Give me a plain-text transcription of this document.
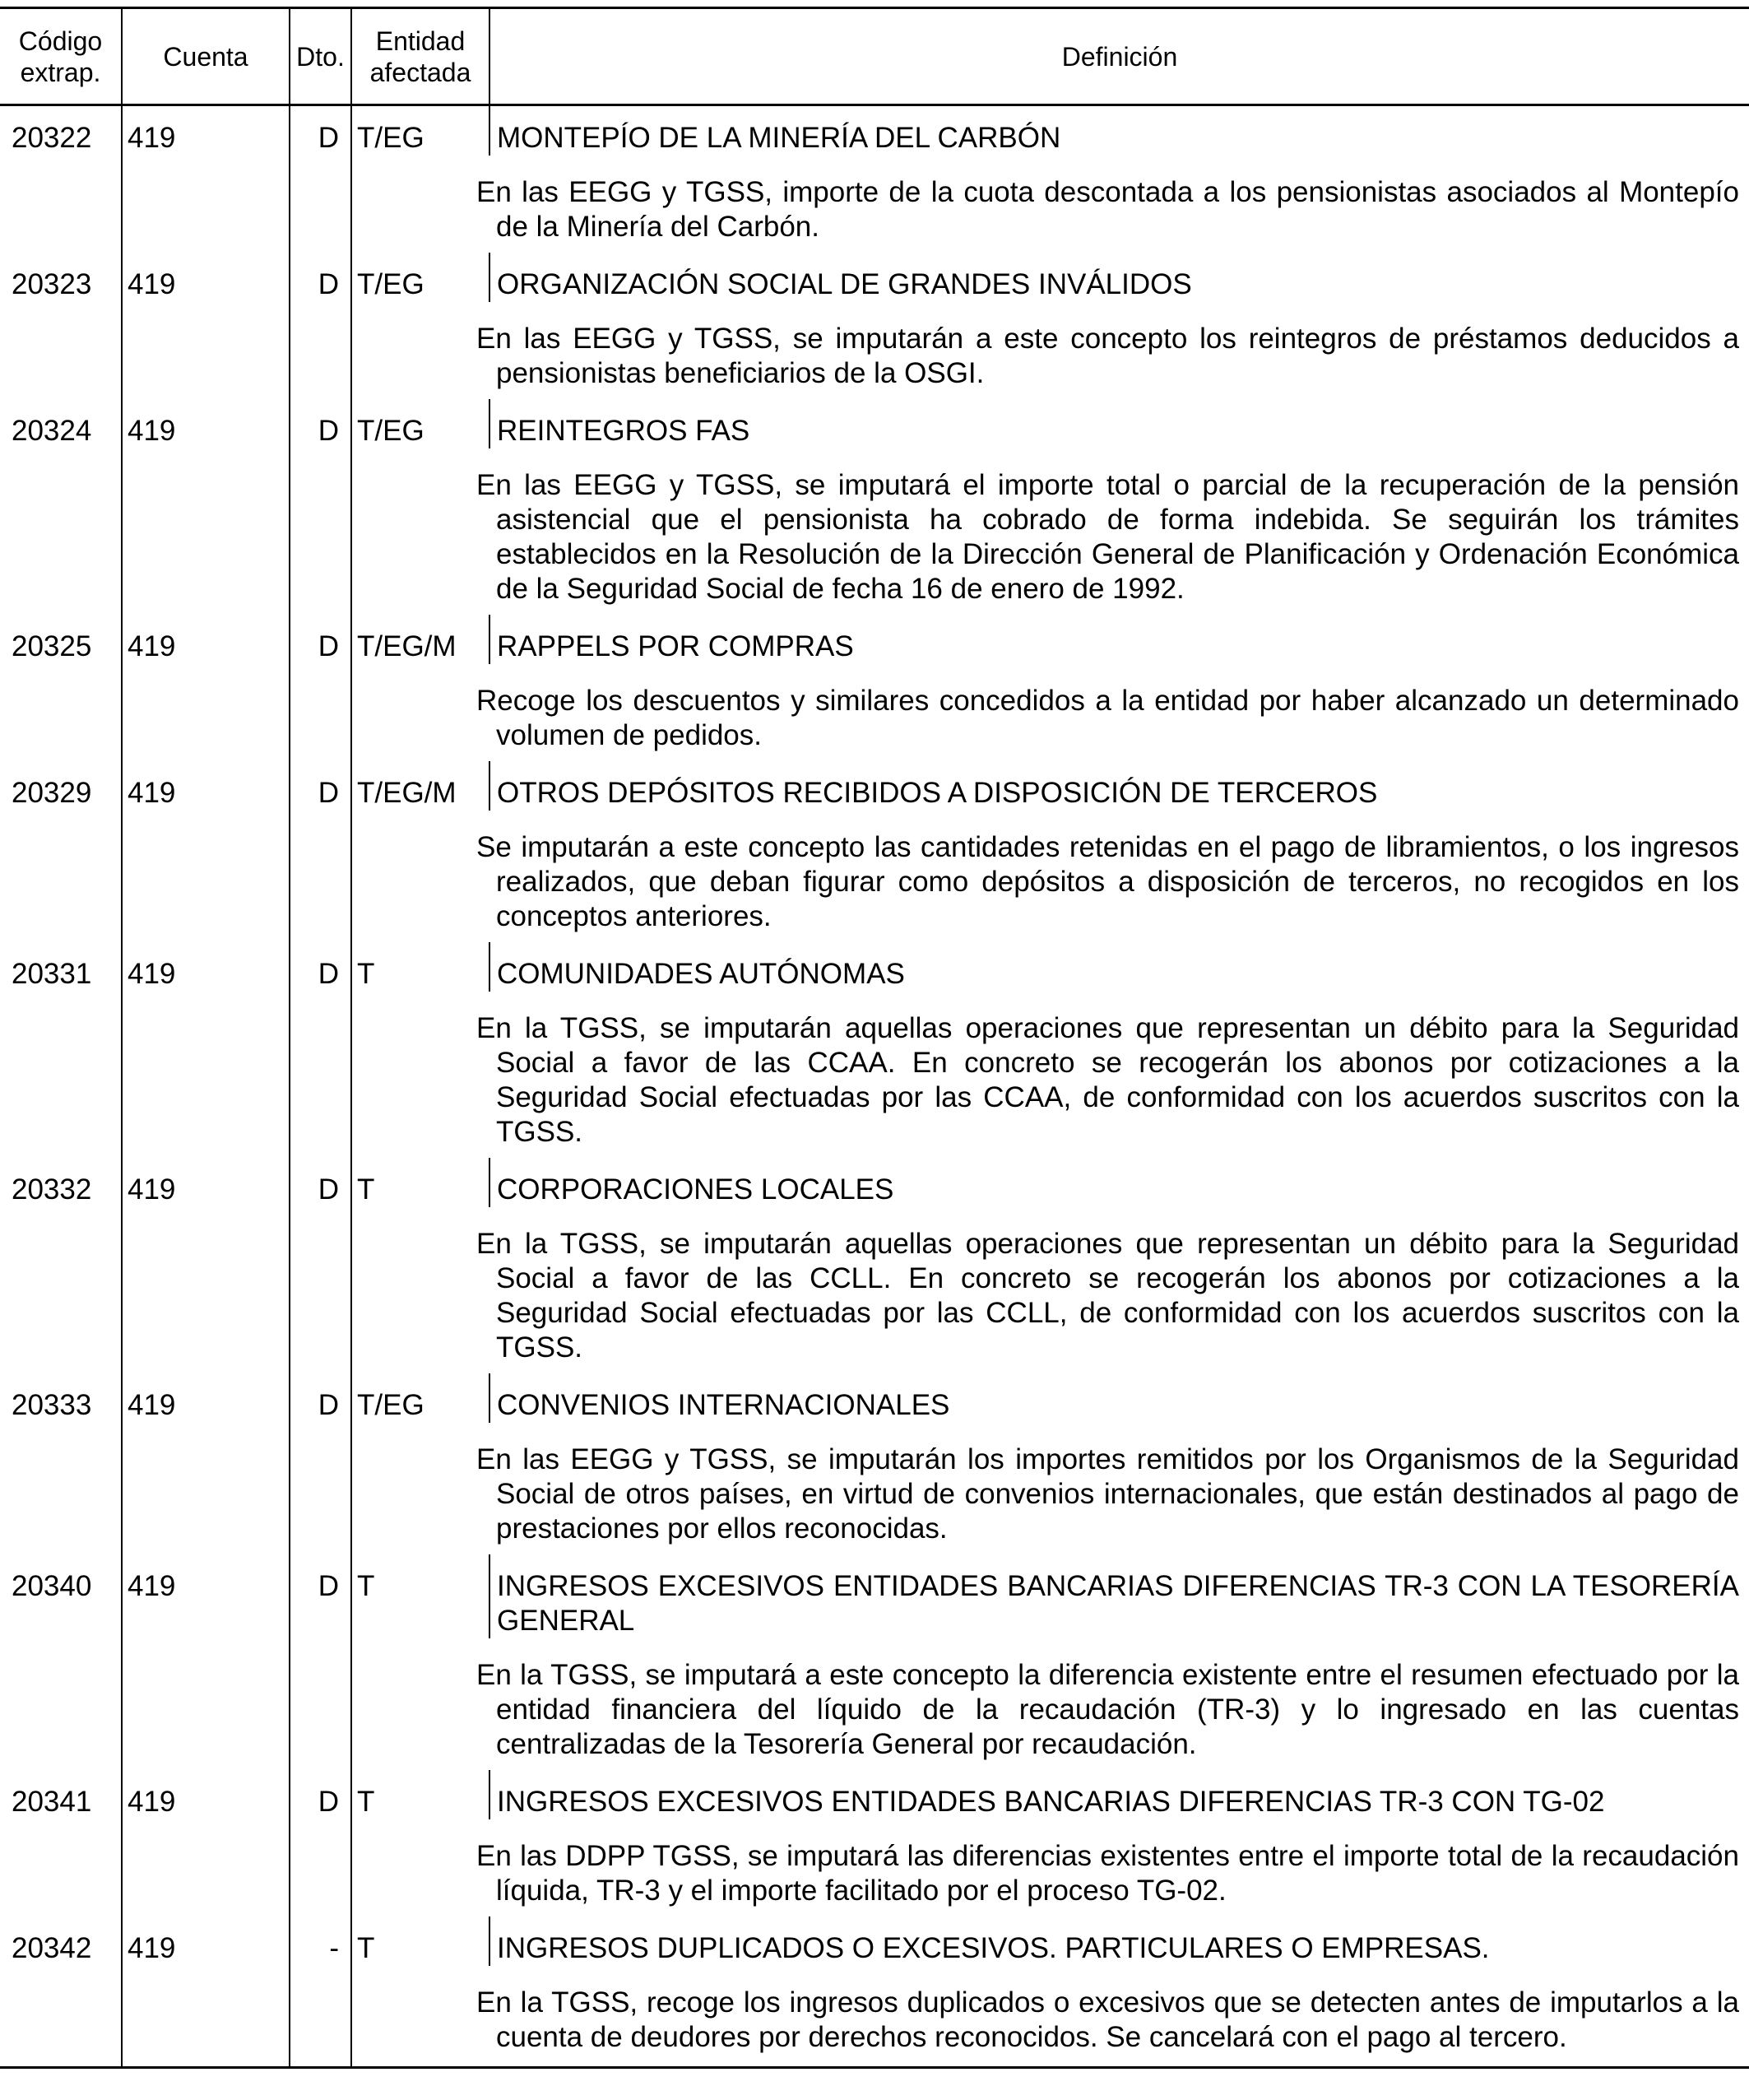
Código extrap.	Cuenta	Dto.	Entidad afectada	Definición
20322	419	D	T/EG	MONTEPÍO DE LA MINERÍA DEL CARBÓN
				En las EEGG y TGSS, importe de la cuota descontada a los pensionistas asociados al Montepío de la Minería del Carbón.
20323	419	D	T/EG	ORGANIZACIÓN SOCIAL DE GRANDES INVÁLIDOS
				En las EEGG y TGSS, se imputarán a este concepto los reintegros de préstamos deducidos a pensionistas beneficiarios de la OSGI.
20324	419	D	T/EG	REINTEGROS FAS
				En las EEGG y TGSS, se imputará el importe total o parcial de la recuperación de la pensión asistencial que el pensionista ha cobrado de forma indebida. Se seguirán los trámites establecidos en la Resolución de la Dirección General de Planificación y Ordenación Económica de la Seguridad Social de fecha 16 de enero de 1992.
20325	419	D	T/EG/M	RAPPELS POR COMPRAS
				Recoge los descuentos y similares concedidos a la entidad por haber alcanzado un determinado volumen de pedidos.
20329	419	D	T/EG/M	OTROS DEPÓSITOS RECIBIDOS A DISPOSICIÓN DE TERCEROS
				Se imputarán a este concepto las cantidades retenidas en el pago de libramientos, o los ingresos realizados, que deban figurar como depósitos a disposición de terceros, no recogidos en los conceptos anteriores.
20331	419	D	T	COMUNIDADES AUTÓNOMAS
				En la TGSS, se imputarán aquellas operaciones que representan un débito para la Seguridad Social a favor de las CCAA. En concreto se recogerán los abonos por cotizaciones a la Seguridad Social efectuadas por las CCAA, de conformidad con los acuerdos suscritos con la TGSS.
20332	419	D	T	CORPORACIONES LOCALES
				En la TGSS, se imputarán aquellas operaciones que representan un débito para la Seguridad Social a favor de las CCLL. En concreto se recogerán los abonos por cotizaciones a la Seguridad Social efectuadas por las CCLL, de conformidad con los acuerdos suscritos con la TGSS.
20333	419	D	T/EG	CONVENIOS INTERNACIONALES
				En las EEGG y TGSS, se imputarán los importes remitidos por los Organismos de la Seguridad Social de otros países, en virtud de convenios internacionales, que están destinados al pago de prestaciones por ellos reconocidas.
20340	419	D	T	INGRESOS EXCESIVOS ENTIDADES BANCARIAS DIFERENCIAS TR-3 CON LA TESORERÍA GENERAL
				En la TGSS, se imputará a este concepto la diferencia existente entre el resumen efectuado por la entidad financiera del líquido de la recaudación (TR-3) y lo ingresado en las cuentas centralizadas de la Tesorería General por recaudación.
20341	419	D	T	INGRESOS EXCESIVOS ENTIDADES BANCARIAS DIFERENCIAS TR-3 CON TG-02
				En las DDPP TGSS, se imputará las diferencias existentes entre el importe total de la recaudación líquida, TR-3 y el importe facilitado por el proceso TG-02.
20342	419	-	T	INGRESOS DUPLICADOS O EXCESIVOS. PARTICULARES O EMPRESAS.
				En la TGSS, recoge los ingresos duplicados o excesivos que se detecten antes de imputarlos a la cuenta de deudores por derechos reconocidos. Se cancelará con el pago al tercero.
